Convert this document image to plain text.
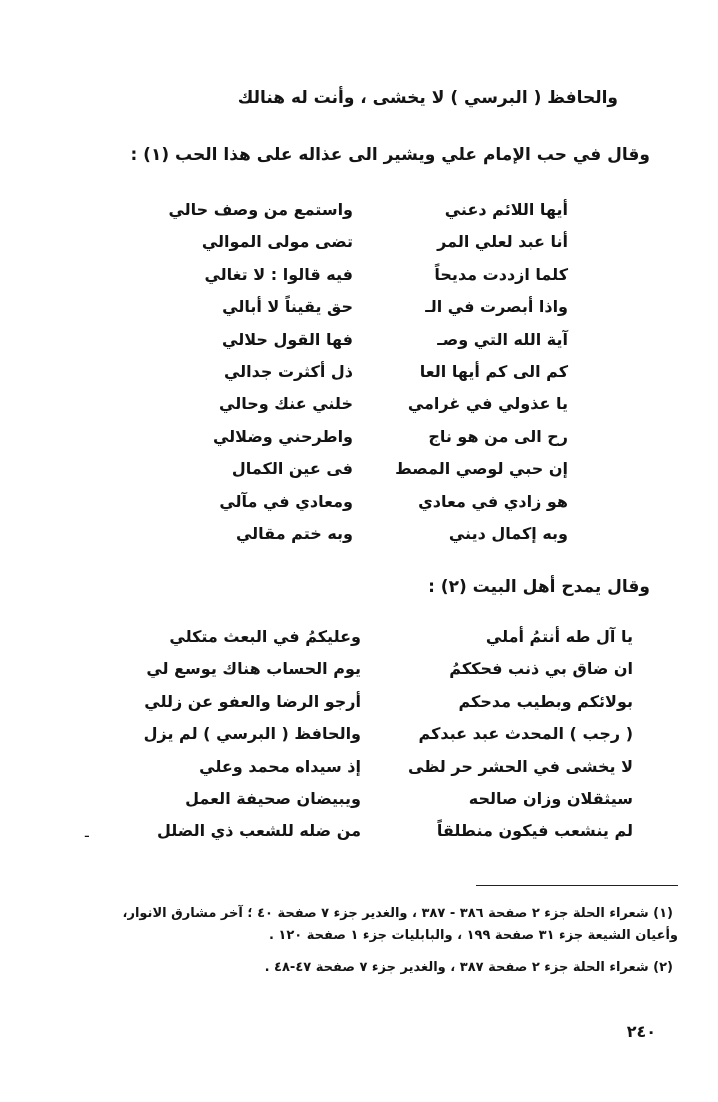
والحافظ ( البرسي ) لا يخشى ، وأنت له هنالك
وقال في حب الإمام علي ويشير الى عذاله على هذا الحب (١) :
أيها اللائم دعني
واستمع من وصف حالي
أنا عبد لعلي المر
تضى مولى الموالي
كلما ازددت مديحاً
فيه قالوا : لا تغالي
واذا أبصرت في الـ
حق يقيناً لا أبالي
آية الله التي وصـ
فها القول حلالي
كم الى كم أيها العا
ذل أكثرت جدالي
يا عذولي في غرامي
خلني عنك وحالي
رح الى من هو ناج
واطرحني وضلالي
إن حبي لوصي المصط
فى عين الكمال
هو زادي في معادي
ومعادي في مآلي
وبه إكمال ديني
وبه ختم مقالي
وقال يمدح أهل البيت (٢) :
يا آل طه أنتمُ أملي
وعليكمُ في البعث متكلي
ان ضاق بي ذنب فحككمُ
يوم الحساب هناك يوسع لي
بولائكم وبطيب مدحكم
أرجو الرضا والعفو عن زللي
( رجب ) المحدث عبد عبدكم
والحافظ ( البرسي ) لم يزل
لا يخشى في الحشر حر لظى
إذ سيداه محمد وعلي
سيثقلان وزان صالحه
ويبيضان صحيفة العمل
لم ينشعب فيكون منطلقاً
من ضله للشعب ذي الضلل
-
(١) شعراء الحلة جزء ٢ صفحة ٣٨٦ - ٣٨٧ ، والغدير جزء ٧ صفحة ٤٠ ؛ آخر مشارق الانوار،
وأعيان الشيعة جزء ٣١ صفحة ١٩٩ ، والبابليات جزء ١ صفحة ١٢٠ .
(٢) شعراء الحلة جزء ٢ صفحة ٣٨٧ ، والغدير جزء ٧ صفحة ٤٧-٤٨ .
٢٤٠
